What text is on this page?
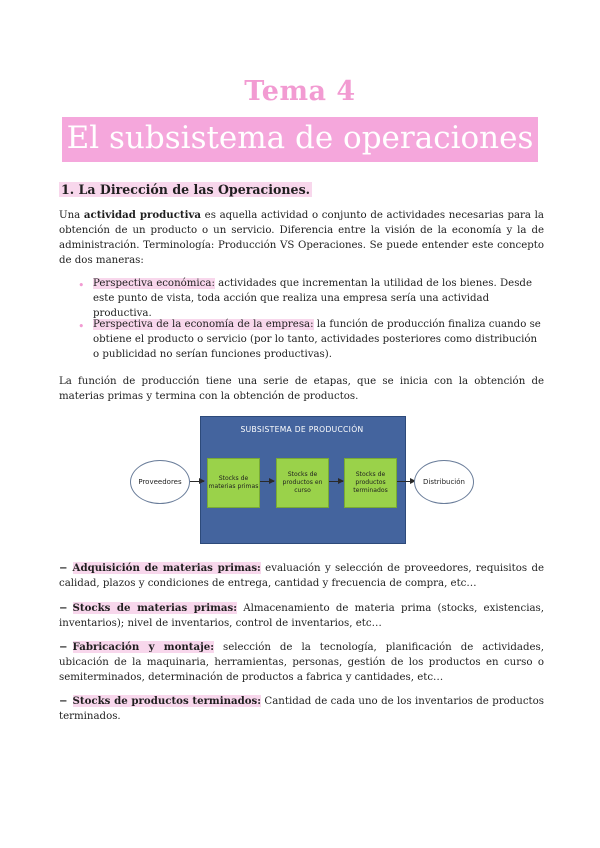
Tema 4
El subsistema de operaciones
1. La Dirección de las Operaciones.
Una actividad productiva es aquella actividad o conjunto de actividades necesarias para la obtención de un producto o un servicio. Diferencia entre la visión de la economía y la de administración. Terminología: Producción VS Operaciones. Se puede entender este concepto de dos maneras:
• Perspectiva económica: actividades que incrementan la utilidad de los bienes. Desde este punto de vista, toda acción que realiza una empresa sería una actividad productiva.
• Perspectiva de la economía de la empresa: la función de producción finaliza cuando se obtiene el producto o servicio (por lo tanto, actividades posteriores como distribución o publicidad no serían funciones productivas).
La función de producción tiene una serie de etapas, que se inicia con la obtención de materias primas y termina con la obtención de productos.
SUBSISTEMA DE PRODUCCIÓN
Proveedores	Stocks de materias primas
Stocks de productos en curso
Stocks de productos terminados
Distribución
− Adquisición de materias primas: evaluación y selección de proveedores, requisitos de calidad, plazos y condiciones de entrega, cantidad y frecuencia de compra, etc…
− Stocks de materias primas: Almacenamiento de materia prima (stocks, existencias, inventarios); nivel de inventarios, control de inventarios, etc…
− Fabricación y montaje: selección de la tecnología, planificación de actividades, ubicación de la maquinaria, herramientas, personas, gestión de los productos en curso o semiterminados, determinación de productos a fabrica y cantidades, etc…
− Stocks de productos terminados: Cantidad de cada uno de los inventarios de productos terminados.
